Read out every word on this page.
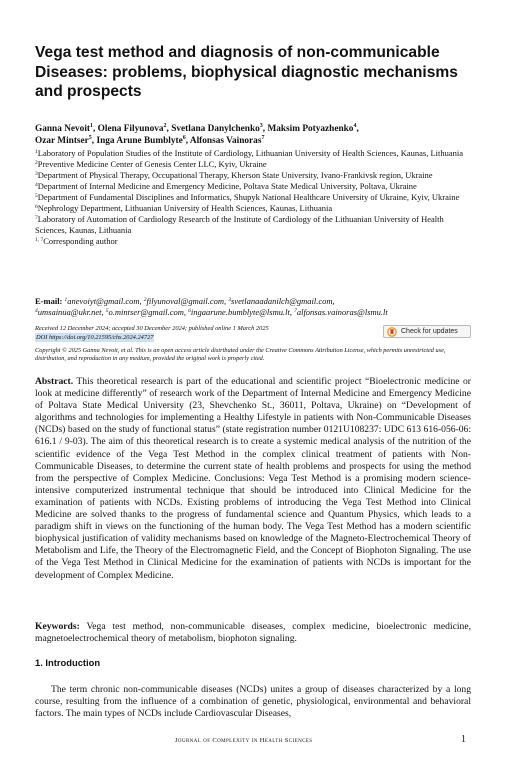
Vega test method and diagnosis of non-communicable Diseases: problems, biophysical diagnostic mechanisms and prospects
Ganna Nevoit$^1$, Olena Filyunova$^2$, Svetlana Danylchenko$^3$, Maksim Potyazhenko$^4$,
Ozar Mintser$^5$, Inga Arune Bumblyte$^6$, Alfonsas Vainoras$^7$
$^1$Laboratory of Population Studies of the Institute of Cardiology, Lithuanian University of Health Sciences, Kaunas, Lithuania
$^2$Preventive Medicine Center of Genesis Center LLC, Kyiv, Ukraine
$^3$Department of Physical Therapy, Occupational Therapy, Kherson State University, Ivano-Frankivsk region, Ukraine
$^4$Department of Internal Medicine and Emergency Medicine, Poltava State Medical University, Poltava, Ukraine
$^5$Department of Fundamental Disciplines and Informatics, Shupyk National Healthcare University of Ukraine, Kyiv, Ukraine
$^6$Nephrology Department, Lithuanian University of Health Sciences, Kaunas, Lithuania
$^7$Laboratory of Automation of Cardiology Research of the Institute of Cardiology of the Lithuanian University of Health Sciences, Kaunas, Lithuania
$^{1, 7}$Corresponding author
E-mail: $^1$anevoiyt@gmail.com, $^2$filyunoval@gmail.com, $^3$svetlanaadanilch@gmail.com,
$^4$umsainua@ukr.net, $^5$o.mintser@gmail.com, $^6$ingaarune.bumblyte@lsmu.lt, $^7$alfonsas.vainoras@lsmu.lt
Received 12 December 2024; accepted 30 December 2024; published online 1 March 2025
DOI https://doi.org/10.21595/chs.2024.24727
Check for updates
Copyright © 2025 Ganna Nevoit, et al. This is an open access article distributed under the Creative Commons Attribution License, which permits unrestricted use, distribution, and reproduction in any medium, provided the original work is properly cited.

Abstract. This theoretical research is part of the educational and scientific project “Bioelectronic medicine or look at medicine differently” of research work of the Department of Internal Medicine and Emergency Medicine of Poltava State Medical University (23, Shevchenko St., 36011, Poltava, Ukraine) on “Development of algorithms and technologies for implementing a Healthy Lifestyle in patients with Non-Communicable Diseases (NCDs) based on the study of functional status” (state registration number 0121U108237: UDC 613 616-056-06: 616.1 / 9-03). The aim of this theoretical research is to create a systemic medical analysis of the nutrition of the scientific evidence of the Vega Test Method in the complex clinical treatment of patients with Non-Communicable Diseases, to determine the current state of health problems and prospects for using the method from the perspective of Complex Medicine. Conclusions: Vega Test Method is a promising modern science-intensive computerized instrumental technique that should be introduced into Clinical Medicine for the examination of patients with NCDs. Existing problems of introducing the Vega Test Method into Clinical Medicine are solved thanks to the progress of fundamental science and Quantum Physics, which leads to a paradigm shift in views on the functioning of the human body. The Vega Test Method has a modern scientific biophysical justification of validity mechanisms based on knowledge of the Magneto-Electrochemical Theory of Metabolism and Life, the Theory of the Electromagnetic Field, and the Concept of Biophoton Signaling. The use of the Vega Test Method in Clinical Medicine for the examination of patients with NCDs is important for the development of Complex Medicine.

Keywords: Vega test method, non-communicable diseases, complex medicine, bioelectronic medicine, magnetoelectrochemical theory of metabolism, biophoton signaling.

1. Introduction

The term chronic non-communicable diseases (NCDs) unites a group of diseases characterized by a long course, resulting from the influence of a combination of genetic, physiological, environmental and behavioral factors. The main types of NCDs include Cardiovascular Diseases,

Journal of Complexity in Health Sciences	1
